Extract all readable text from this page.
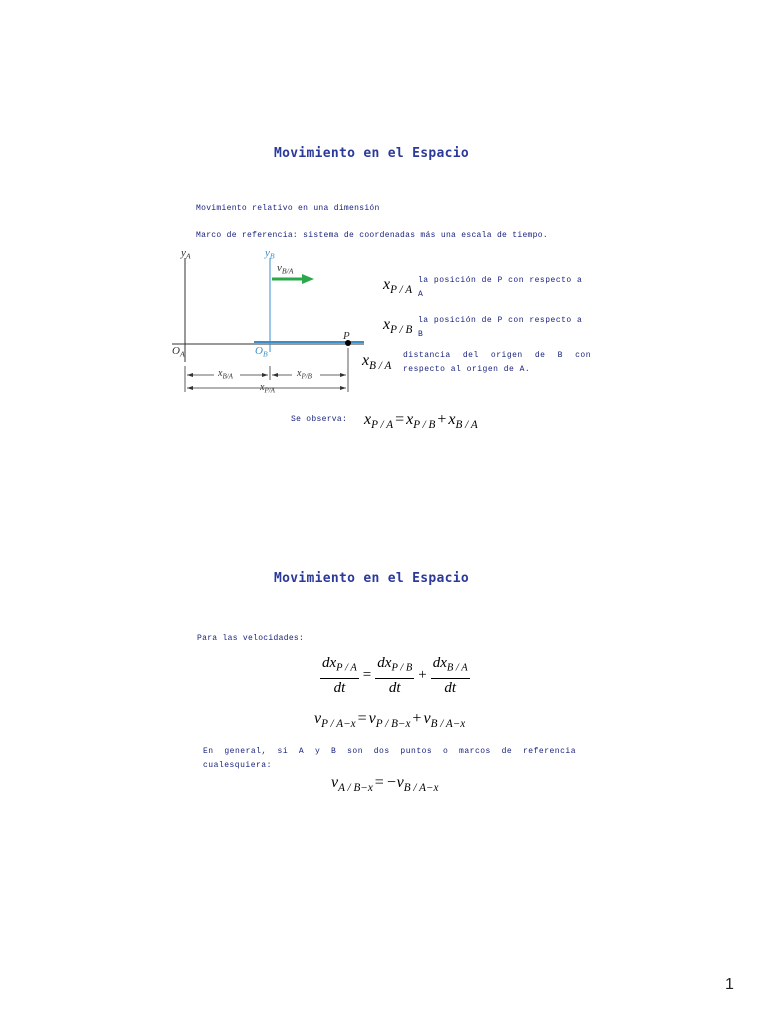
Movimiento en el Espacio
Movimiento relativo en una dimensión
Marco de referencia: sistema de coordenadas más una escala de tiempo.
$y_A$	$y_B$
$v_{B/A}$
P
$O_A$	$O_B$
$x_{B/A}$	$x_{P/B}$
$x_{P/A}$
$x_{P / A}$
la posición de P con respecto a A
$x_{P / B}$
la posición de P con respecto a B
$x_{B / A}$
distancia del origen de B con respecto al origen de A.
Se observa: $x_{P / A} = x_{P / B} + x_{B / A}$
Movimiento en el Espacio
Para las velocidades:
$\frac{dx_{P / A}}{dt} = \frac{dx_{P / B}}{dt} + \frac{dx_{B / A}}{dt}$
$v_{P / A-x} = v_{P / B-x} + v_{B / A-x}$
En general, si A y B son dos puntos o marcos de referencia cualesquiera:
$v_{A / B-x} = -v_{B / A-x}$
1
